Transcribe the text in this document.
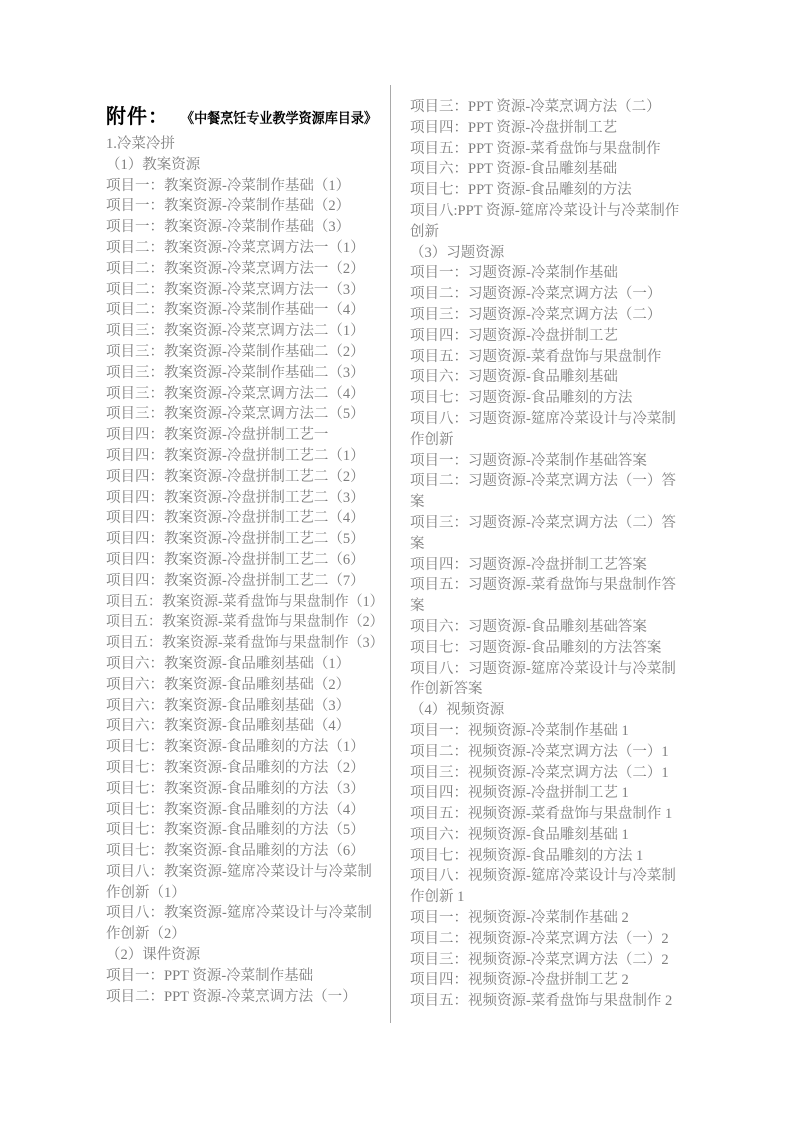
附件： 《中餐烹饪专业教学资源库目录》
1.冷菜冷拼
（1）教案资源
项目一：教案资源-冷菜制作基础（1）
项目一：教案资源-冷菜制作基础（2）
项目一：教案资源-冷菜制作基础（3）
项目二：教案资源-冷菜烹调方法一（1）
项目二：教案资源-冷菜烹调方法一（2）
项目二：教案资源-冷菜烹调方法一（3）
项目二：教案资源-冷菜制作基础一（4）
项目三：教案资源-冷菜烹调方法二（1）
项目三：教案资源-冷菜制作基础二（2）
项目三：教案资源-冷菜制作基础二（3）
项目三：教案资源-冷菜烹调方法二（4）
项目三：教案资源-冷菜烹调方法二（5）
项目四：教案资源-冷盘拼制工艺一
项目四：教案资源-冷盘拼制工艺二（1）
项目四：教案资源-冷盘拼制工艺二（2）
项目四：教案资源-冷盘拼制工艺二（3）
项目四：教案资源-冷盘拼制工艺二（4）
项目四：教案资源-冷盘拼制工艺二（5）
项目四：教案资源-冷盘拼制工艺二（6）
项目四：教案资源-冷盘拼制工艺二（7）
项目五：教案资源-菜肴盘饰与果盘制作（1）
项目五：教案资源-菜肴盘饰与果盘制作（2）
项目五：教案资源-菜肴盘饰与果盘制作（3）
项目六：教案资源-食品雕刻基础（1）
项目六：教案资源-食品雕刻基础（2）
项目六：教案资源-食品雕刻基础（3）
项目六：教案资源-食品雕刻基础（4）
项目七：教案资源-食品雕刻的方法（1）
项目七：教案资源-食品雕刻的方法（2）
项目七：教案资源-食品雕刻的方法（3）
项目七：教案资源-食品雕刻的方法（4）
项目七：教案资源-食品雕刻的方法（5）
项目七：教案资源-食品雕刻的方法（6）
项目八：教案资源-筵席冷菜设计与冷菜制
作创新（1）
项目八：教案资源-筵席冷菜设计与冷菜制
作创新（2）
（2）课件资源
项目一：PPT 资源-冷菜制作基础
项目二：PPT 资源-冷菜烹调方法（一）
项目三：PPT 资源-冷菜烹调方法（二）
项目四：PPT 资源-冷盘拼制工艺
项目五：PPT 资源-菜肴盘饰与果盘制作
项目六：PPT 资源-食品雕刻基础
项目七：PPT 资源-食品雕刻的方法
项目八:PPT 资源-筵席冷菜设计与冷菜制作
创新
（3）习题资源
项目一：习题资源-冷菜制作基础
项目二：习题资源-冷菜烹调方法（一）
项目三：习题资源-冷菜烹调方法（二）
项目四：习题资源-冷盘拼制工艺
项目五：习题资源-菜肴盘饰与果盘制作
项目六：习题资源-食品雕刻基础
项目七：习题资源-食品雕刻的方法
项目八：习题资源-筵席冷菜设计与冷菜制
作创新
项目一：习题资源-冷菜制作基础答案
项目二：习题资源-冷菜烹调方法（一）答
案
项目三：习题资源-冷菜烹调方法（二）答
案
项目四：习题资源-冷盘拼制工艺答案
项目五：习题资源-菜肴盘饰与果盘制作答
案
项目六：习题资源-食品雕刻基础答案
项目七：习题资源-食品雕刻的方法答案
项目八：习题资源-筵席冷菜设计与冷菜制
作创新答案
（4）视频资源
项目一：视频资源-冷菜制作基础 1
项目二：视频资源-冷菜烹调方法（一）1
项目三：视频资源-冷菜烹调方法（二）1
项目四：视频资源-冷盘拼制工艺 1
项目五：视频资源-菜肴盘饰与果盘制作 1
项目六：视频资源-食品雕刻基础 1
项目七：视频资源-食品雕刻的方法 1
项目八：视频资源-筵席冷菜设计与冷菜制
作创新 1
项目一：视频资源-冷菜制作基础 2
项目二：视频资源-冷菜烹调方法（一）2
项目三：视频资源-冷菜烹调方法（二）2
项目四：视频资源-冷盘拼制工艺 2
项目五：视频资源-菜肴盘饰与果盘制作 2
